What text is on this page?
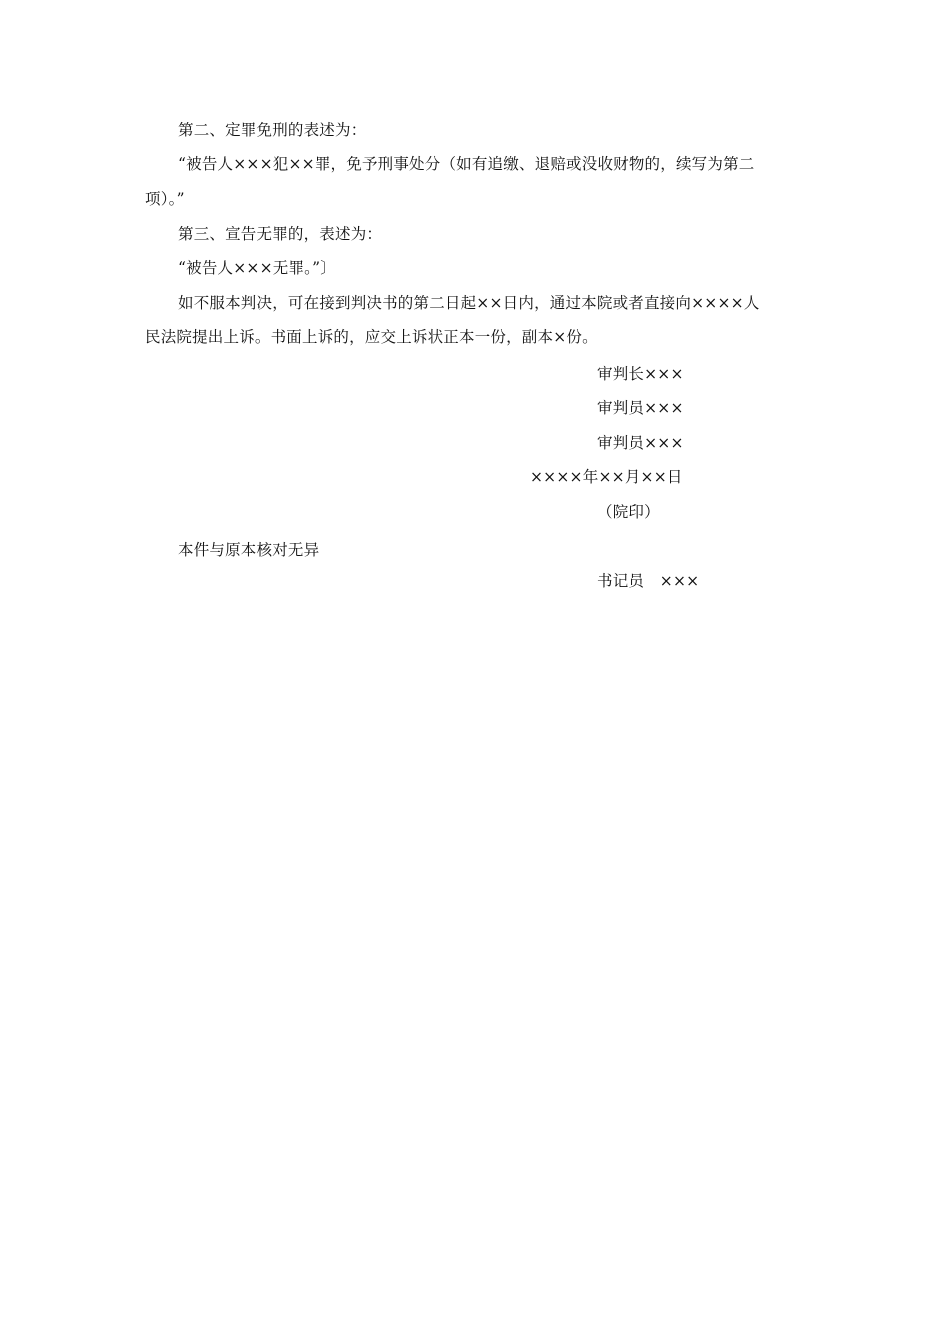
第二、定罪免刑的表述为：
“被告人×××犯××罪，免予刑事处分（如有追缴、退赔或没收财物的，续写为第二
项）。”
第三、宣告无罪的，表述为：
“被告人×××无罪。”〕
如不服本判决，可在接到判决书的第二日起××日内，通过本院或者直接向××××人
民法院提出上诉。书面上诉的，应交上诉状正本一份，副本×份。
审判长×××
审判员×××
审判员×××
××××年××月××日
（院印）
本件与原本核对无异
书记员　×××
